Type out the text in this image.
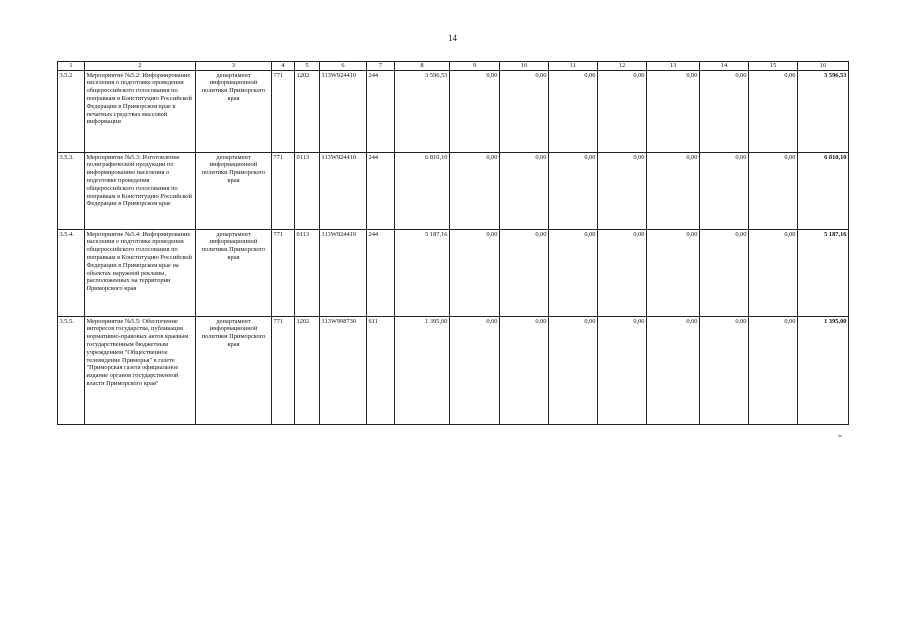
14
1	2	3	4	5	6	7	8	9	10	11	12	13	14	15	16
3.5.2	Мероприятие №5.2: Информирование населения о подготовке проведения общероссийского голосования по поправкам в Конституцию Российской Федерации в Приморском крае в печатных средствах массовой информации	департамент информационной политики Приморского края	771	1202	113W924410	244	3 596,53	0,00	0,00	0,00	0,00	0,00	0,00	0,00	3 596,53
3.5.3.	Мероприятие №5.3: Изготовление полиграфической продукции по информированию населения о подготовке проведения общероссийского голосования по поправкам в Конституцию Российской Федерации в Приморском крае	департамент информационной политики Приморского края	771	0113	113W924410	244	6 810,10	0,00	0,00	0,00	0,00	0,00	0,00	0,00	6 810,10
3.5.4.	Мероприятие №5.4: Информирование населения о подготовке проведения общероссийского голосования по поправкам в Конституцию Российской Федерации в Приморском крае на объектах наружной рекламы, расположенных на территории Приморского края	департамент информационной политики Приморского края	771	0113	113W924410	244	5 187,16	0,00	0,00	0,00	0,00	0,00	0,00	0,00	5 187,16
3.5.5.	Мероприятие №5.5: Обеспечение интересов государства, публикация нормативно-правовых актов краевым государственным бюджетным учреждением "Общественное телевидение Приморья" в газете "Приморская газета официальное издание органов государственной власти Приморского края"	департамент информационной политики Приморского края	771	1202	113W998730	611	1 395,00	0,00	0,00	0,00	0,00	0,00	0,00	0,00	1 395,00
».
